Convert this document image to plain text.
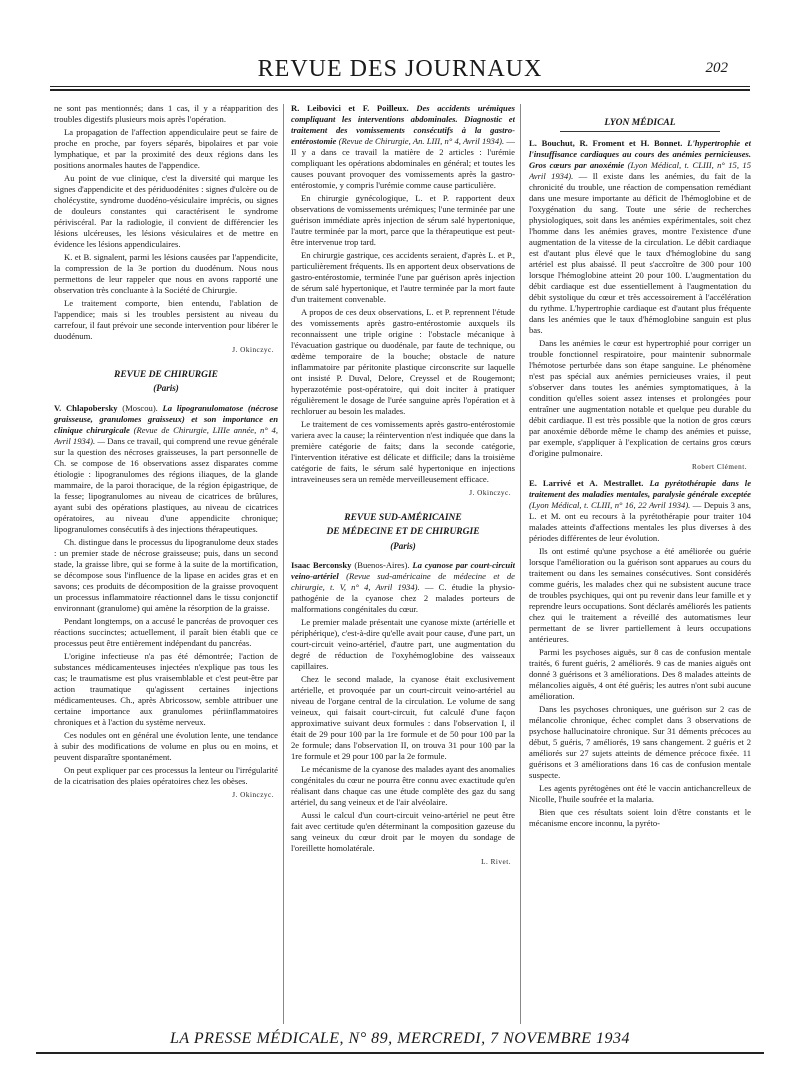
REVUE DES JOURNAUX	202

ne sont pas mentionnés; dans 1 cas, il y a réapparition des troubles digestifs plusieurs mois après l'opération.

La propagation de l'affection appendiculaire peut se faire de proche en proche, par foyers séparés, bipolaires et par voie lymphatique, et par la proximité des deux régions dans les positions anormales hautes de l'appendice.

Au point de vue clinique, c'est la diversité qui marque les signes d'appendicite et des périduodénites : signes d'ulcère ou de cholécystite, syndrome duodéno-vésiculaire imprécis, ou signes de douleurs constantes qui caractérisent le syndrome périviscéral. Par la radiologie, il convient de différencier les lésions ulcéreuses, les lésions vésiculaires et de mettre en évidence les lésions appendiculaires.

K. et B. signalent, parmi les lésions causées par l'appendicite, la compression de la 3e portion du duodénum. Nous nous permettons de leur rappeler que nous en avons rapporté une observation très concluante à la Société de Chirurgie.

Le traitement comporte, bien entendu, l'ablation de l'appendice; mais si les troubles persistent au niveau du carrefour, il faut prévoir une seconde intervention pour libérer le duodénum.

J. Okinczyc.

REVUE DE CHIRURGIE

(Paris)

V. Chlapobersky (Moscou). La lipogranulomatose (nécrose graisseuse, granulomes graisseux) et son importance en clinique chirurgicale (Revue de Chirurgie, LIIIe année, n° 4, Avril 1934). — Dans ce travail, qui comprend une revue générale sur la question des nécroses graisseuses, la part personnelle de Ch. se compose de 16 observations assez disparates comme étiologie : lipogranulomes des régions iliaques, de la glande mammaire, de la paroi thoracique, de la région épigastrique, de la fesse; lipogranulomes au niveau de cicatrices de brûlures, ayant subi des opérations plastiques, au niveau de cicatrices opératoires, au niveau d'une appendicite chronique; lipogranulomes consécutifs à des injections thérapeutiques.

Ch. distingue dans le processus du lipogranulome deux stades : un premier stade de nécrose graisseuse; puis, dans un second stade, la graisse libre, qui se forme à la suite de la mortification, se décompose sous l'influence de la lipase en acides gras et en savons; ces produits de décomposition de la graisse provoquent un processus inflammatoire réactionnel dans le tissu conjonctif environnant (granulome) qui amène la résorption de la graisse.

Pendant longtemps, on a accusé le pancréas de provoquer ces réactions succinctes; actuellement, il paraît bien établi que ce processus peut être entièrement indépendant du pancréas.

L'origine infectieuse n'a pas été démontrée; l'action de substances médicamenteuses injectées n'explique pas tous les cas; le traumatisme est plus vraisemblable et c'est peut-être par action traumatique qu'agissent certaines injections médicamenteuses. Ch., après Abricossow, semble attribuer une certaine importance aux granulomes périinflammatoires chroniques et à l'action du système nerveux.

Ces nodules ont en général une évolution lente, une tendance à subir des modifications de volume en plus ou en moins, et peuvent disparaître spontanément.

On peut expliquer par ces processus la lenteur ou l'irrégularité de la cicatrisation des plaies opératoires chez les obèses.

J. Okinczyc.

R. Leibovici et F. Poilleux. Des accidents urémiques compliquant les interventions abdominales. Diagnostic et traitement des vomissements consécutifs à la gastro-entérostomie (Revue de Chirurgie, An. LIII, n° 4, Avril 1934). — Il y a dans ce travail la matière de 2 articles : l'urémie compliquant les opérations abdominales en général; et toutes les causes pouvant provoquer des vomissements après la gastro-entérostomie, y compris l'urémie comme cause particulière.

En chirurgie gynécologique, L. et P. rapportent deux observations de vomissements urémiques; l'une terminée par une guérison immédiate après injection de sérum salé hypertonique, l'autre terminée par la mort, parce que la thérapeutique est peut-être intervenue trop tard.

En chirurgie gastrique, ces accidents seraient, d'après L. et P., particulièrement fréquents. Ils en apportent deux observations de gastro-entérostomie, terminée l'une par guérison après injection de sérum salé hypertonique, et l'autre terminée par la mort faute d'un traitement convenable.

A propos de ces deux observations, L. et P. reprennent l'étude des vomissements après gastro-entérostomie auxquels ils reconnaissent une triple origine : l'obstacle mécanique à l'évacuation gastrique ou duodénale, par faute de technique, ou œdème temporaire de la bouche; obstacle de nature inflammatoire par péritonite plastique circonscrite sur laquelle ont insisté P. Duval, Delore, Creyssel et de Rougemont; hyperazotémie post-opératoire, qui doit inciter à pratiquer régulièrement le dosage de l'urée sanguine après l'opération et à rechloruer au besoin les malades.

Le traitement de ces vomissements après gastro-entérostomie variera avec la cause; la réintervention n'est indiquée que dans la première catégorie de faits; dans la seconde catégorie, l'intervention itérative est délicate et difficile; dans la troisième catégorie de faits, le sérum salé hypertonique en injections intraveineuses sera un remède merveilleusement efficace.

J. Okinczyc.

REVUE SUD-AMÉRICAINE

DE MÉDECINE ET DE CHIRURGIE

(Paris)

Isaac Berconsky (Buenos-Aires). La cyanose par court-circuit veino-artériel (Revue sud-américaine de médecine et de chirurgie, t. V, n° 4, Avril 1934). — C. étudie la physio-pathogénie de la cyanose chez 2 malades porteurs de malformations congénitales du cœur.

Le premier malade présentait une cyanose mixte (artérielle et périphérique), c'est-à-dire qu'elle avait pour cause, d'une part, un court-circuit veino-artériel, d'autre part, une augmentation du degré de réduction de l'oxyhémoglobine des vaisseaux capillaires.

Chez le second malade, la cyanose était exclusivement artérielle, et provoquée par un court-circuit veino-artériel au niveau de l'organe central de la circulation. Le volume de sang veineux, qui faisait court-circuit, fut calculé d'une façon approximative suivant deux formules : dans l'observation I, il était de 29 pour 100 par la 1re formule et de 50 pour 100 par la 2e formule; dans l'observation II, on trouva 31 pour 100 par la 1re formule et 29 pour 100 par la 2e formule.

Le mécanisme de la cyanose des malades ayant des anomalies congénitales du cœur ne pourra être connu avec exactitude qu'en réalisant dans chaque cas une étude complète des gaz du sang artériel, du sang veineux et de l'air alvéolaire.

Aussi le calcul d'un court-circuit veino-artériel ne peut être fait avec certitude qu'en déterminant la composition gazeuse du sang veineux du cœur droit par le moyen du sondage de l'oreillette homolatérale.

L. Rivet.

LYON MÉDICAL

L. Bouchut, R. Froment et H. Bonnet. L'hypertrophie et l'insuffisance cardiaques au cours des anémies pernicieuses. Gros cœurs par anoxémie (Lyon Médical, t. CLIII, n° 15, 15 Avril 1934). — Il existe dans les anémies, du fait de la chronicité du trouble, une réaction de compensation remédiant dans une mesure importante au déficit de l'hémoglobine et de l'oxygénation du sang. Toute une série de recherches physiologiques, soit dans les anémies expérimentales, soit chez l'homme dans les anémies graves, montre l'existence d'une augmentation de la vitesse de la circulation. Le débit cardiaque est d'autant plus élevé que le taux d'hémoglobine du sang artériel est plus abaissé. Il peut s'accroître de 300 pour 100 lorsque l'hémoglobine atteint 20 pour 100. L'augmentation du débit cardiaque est due essentiellement à l'augmentation du débit systolique du cœur et très accessoirement à l'accélération du rythme. L'hypertrophie cardiaque est d'autant plus fréquente dans les anémies que le taux d'hémoglobine sanguin est plus bas.

Dans les anémies le cœur est hypertrophié pour corriger un trouble fonctionnel respiratoire, pour maintenir subnormale l'hémotose perturbée dans son étape sanguine. Le phénomène n'est pas spécial aux anémies pernicieuses vraies, il peut s'observer dans toutes les anémies symptomatiques, à la condition qu'elles soient assez intenses et prolongées pour entraîner une augmentation notable et quelque peu durable du débit cardiaque. Il est très possible que la notion de gros cœurs par anoxémie déborde même le champ des anémies et puisse, par exemple, s'appliquer à l'explication de certains gros cœurs d'origine pulmonaire.

Robert Clément.

E. Larrivé et A. Mestrallet. La pyrétothérapie dans le traitement des maladies mentales, paralysie générale exceptée (Lyon Médical, t. CLIII, n° 16, 22 Avril 1934). — Depuis 3 ans, L. et M. ont eu recours à la pyrétothérapie pour traiter 104 malades atteints d'affections mentales les plus diverses à des périodes différentes de leur évolution.

Ils ont estimé qu'une psychose a été améliorée ou guérie lorsque l'amélioration ou la guérison sont apparues au cours du traitement ou dans les semaines consécutives. Sont considérés comme guéris, les malades chez qui ne subsistent aucune trace de troubles psychiques, qui ont pu revenir dans leur famille et y reprendre leurs occupations. Sont déclarés améliorés les patients chez qui le traitement a réveillé des automatismes leur permettant de se livrer partiellement à leurs occupations antérieures.

Parmi les psychoses aiguës, sur 8 cas de confusion mentale traités, 6 furent guéris, 2 améliorés. 9 cas de manies aiguës ont donné 3 guérisons et 3 améliorations. Des 8 malades atteints de mélancolies aiguës, 4 ont été guéris; les autres n'ont subi aucune amélioration.

Dans les psychoses chroniques, une guérison sur 2 cas de mélancolie chronique, échec complet dans 3 observations de psychose hallucinatoire chronique. Sur 31 déments précoces au début, 5 guéris, 7 améliorés, 19 sans changement. 2 guéris et 2 améliorés sur 27 sujets atteints de démence précoce fixée. 11 guérisons et 3 améliorations dans 16 cas de confusion mentale suspecte.

Les agents pyrétogènes ont été le vaccin antichancrelleux de Nicolle, l'huile soufrée et la malaria.

Bien que ces résultats soient loin d'être constants et le mécanisme encore inconnu, la pyréto-

LA PRESSE MÉDICALE, N° 89, MERCREDI, 7 NOVEMBRE 1934
